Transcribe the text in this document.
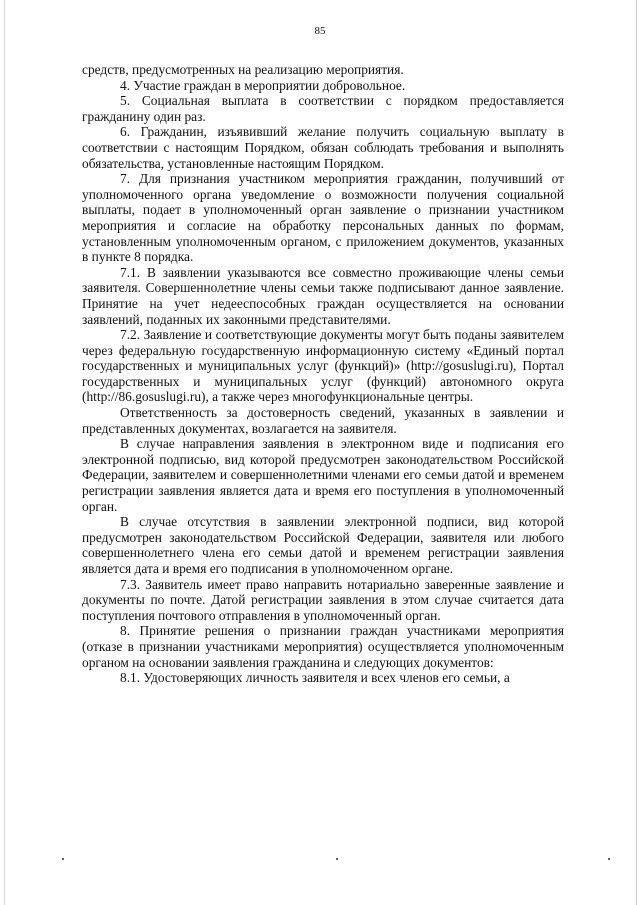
85

средств, предусмотренных на реализацию мероприятия.

4. Участие граждан в мероприятии добровольное.

5. Социальная выплата в соответствии с порядком предоставляется гражданину один раз.

6. Гражданин, изъявивший желание получить социальную выплату в соответствии с настоящим Порядком, обязан соблюдать требования и выполнять обязательства, установленные настоящим Порядком.

7. Для признания участником мероприятия гражданин, получивший от уполномоченного органа уведомление о возможности получения социальной выплаты, подает в уполномоченный орган заявление о признании участником мероприятия и согласие на обработку персональных данных по формам, установленным уполномоченным органом, с приложением документов, указанных в пункте 8 порядка.

7.1. В заявлении указываются все совместно проживающие члены семьи заявителя. Совершеннолетние члены семьи также подписывают данное заявление. Принятие на учет недееспособных граждан осуществляется на основании заявлений, поданных их законными представителями.

7.2. Заявление и соответствующие документы могут быть поданы заявителем через федеральную государственную информационную систему «Единый портал государственных и муниципальных услуг (функций)» (http://gosuslugi.ru), Портал государственных и муниципальных услуг (функций) автономного округа (http://86.gosuslugi.ru), а также через многофункциональные центры.

Ответственность за достоверность сведений, указанных в заявлении и представленных документах, возлагается на заявителя.

В случае направления заявления в электронном виде и подписания его электронной подписью, вид которой предусмотрен законодательством Российской Федерации, заявителем и совершеннолетними членами его семьи датой и временем регистрации заявления является дата и время его поступления в уполномоченный орган.

В случае отсутствия в заявлении электронной подписи, вид которой предусмотрен законодательством Российской Федерации, заявителя или любого совершеннолетнего члена его семьи датой и временем регистрации заявления является дата и время его подписания в уполномоченном органе.

7.3. Заявитель имеет право направить нотариально заверенные заявление и документы по почте. Датой регистрации заявления в этом случае считается дата поступления почтового отправления в уполномоченный орган.

8. Принятие решения о признании граждан участниками мероприятия (отказе в признании участниками мероприятия) осуществляется уполномоченным органом на основании заявления гражданина и следующих документов:

8.1. Удостоверяющих личность заявителя и всех членов его семьи, а
